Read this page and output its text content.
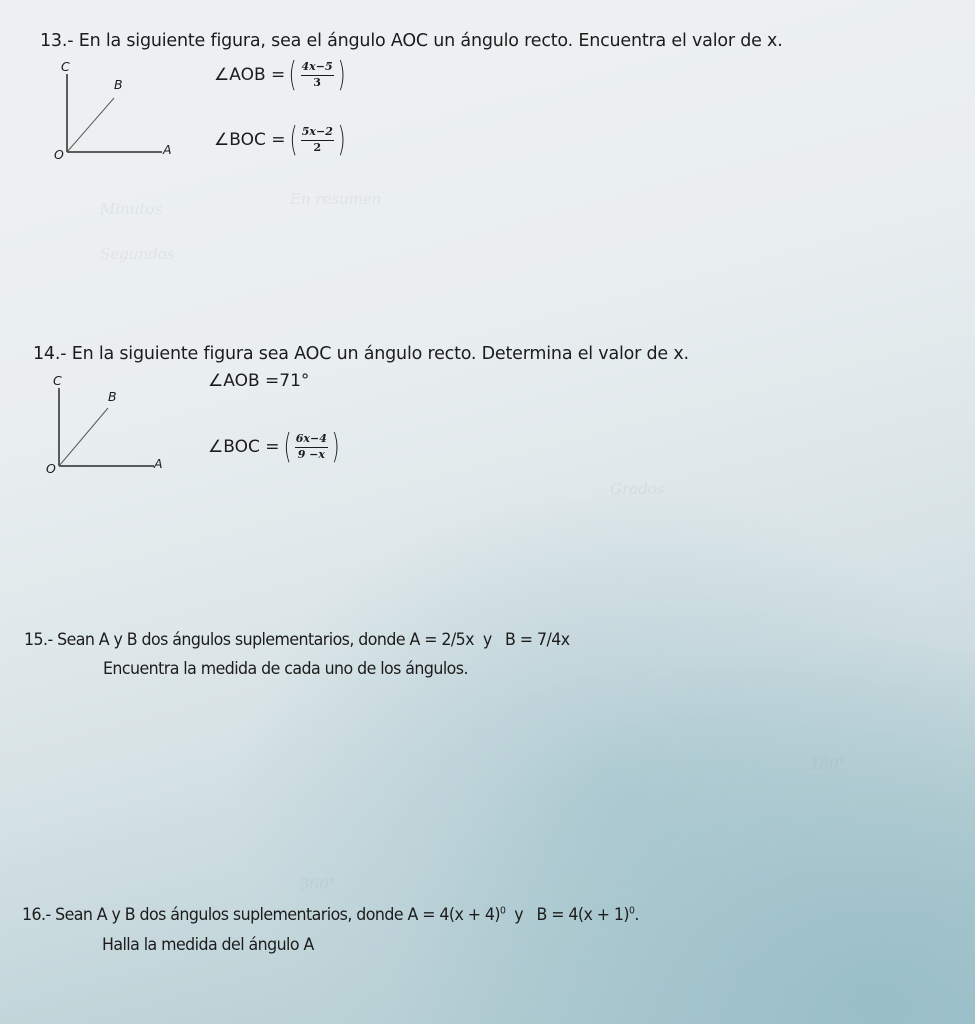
En resumen
Segundos
Minutos
Grados
360°
180°
13.- En la siguiente figura, sea el ángulo AOC un ángulo recto. Encuentra el valor de x.
C
B
A
O
∠AOB = ( $\frac{4x-5}{3}$ )
∠BOC = ( $\frac{5x-2}{2}$ )
14.- En la siguiente figura sea AOC un ángulo recto. Determina el valor de x.
C
B
A
O
∠AOB =71°
∠BOC = ( $\frac{6x-4}{9 -x}$ )
15.- Sean A y B dos ángulos suplementarios, donde A = 2/5x  y   B = 7/4x
Encuentra la medida de cada uno de los ángulos.
16.- Sean A y B dos ángulos suplementarios, donde $A = 4(x + 4)^0$  y   $B = 4(x + 1)^0$.
Halla la medida del ángulo A
